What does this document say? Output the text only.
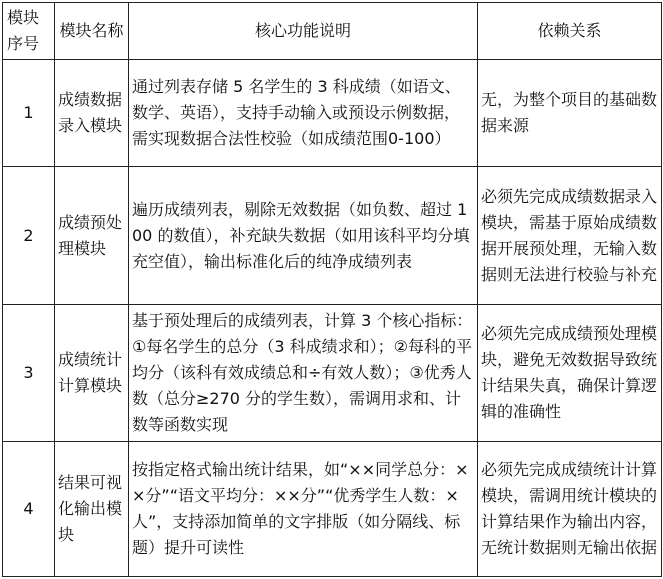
模块序号	模块名称	核心功能说明	依赖关系
1	成绩数据录入模块	通过列表存储 5 名学生的 3 科成绩（如语文、数学、英语），支持手动输入或预设示例数据，需实现数据合法性校验（如成绩范围0-100）	无，为整个项目的基础数据来源
2	成绩预处理模块	遍历成绩列表，剔除无效数据（如负数、超过 100 的数值），补充缺失数据（如用该科平均分填充空值），输出标准化后的纯净成绩列表	必须先完成成绩数据录入模块，需基于原始成绩数据开展预处理，无输入数据则无法进行校验与补充
3	成绩统计计算模块	基于预处理后的成绩列表，计算 3 个核心指标：①每名学生的总分（3 科成绩求和）；②每科的平均分（该科有效成绩总和÷有效人数）；③优秀人数（总分≥270 分的学生数），需调用求和、计数等函数实现	必须先完成成绩预处理模块，避免无效数据导致统计结果失真，确保计算逻辑的准确性
4	结果可视化输出模块	按指定格式输出统计结果，如“××同学总分：××分”“语文平均分：××分”“优秀学生人数：×人”，支持添加简单的文字排版（如分隔线、标题）提升可读性	必须先完成成绩统计计算模块，需调用统计模块的计算结果作为输出内容，无统计数据则无输出依据
